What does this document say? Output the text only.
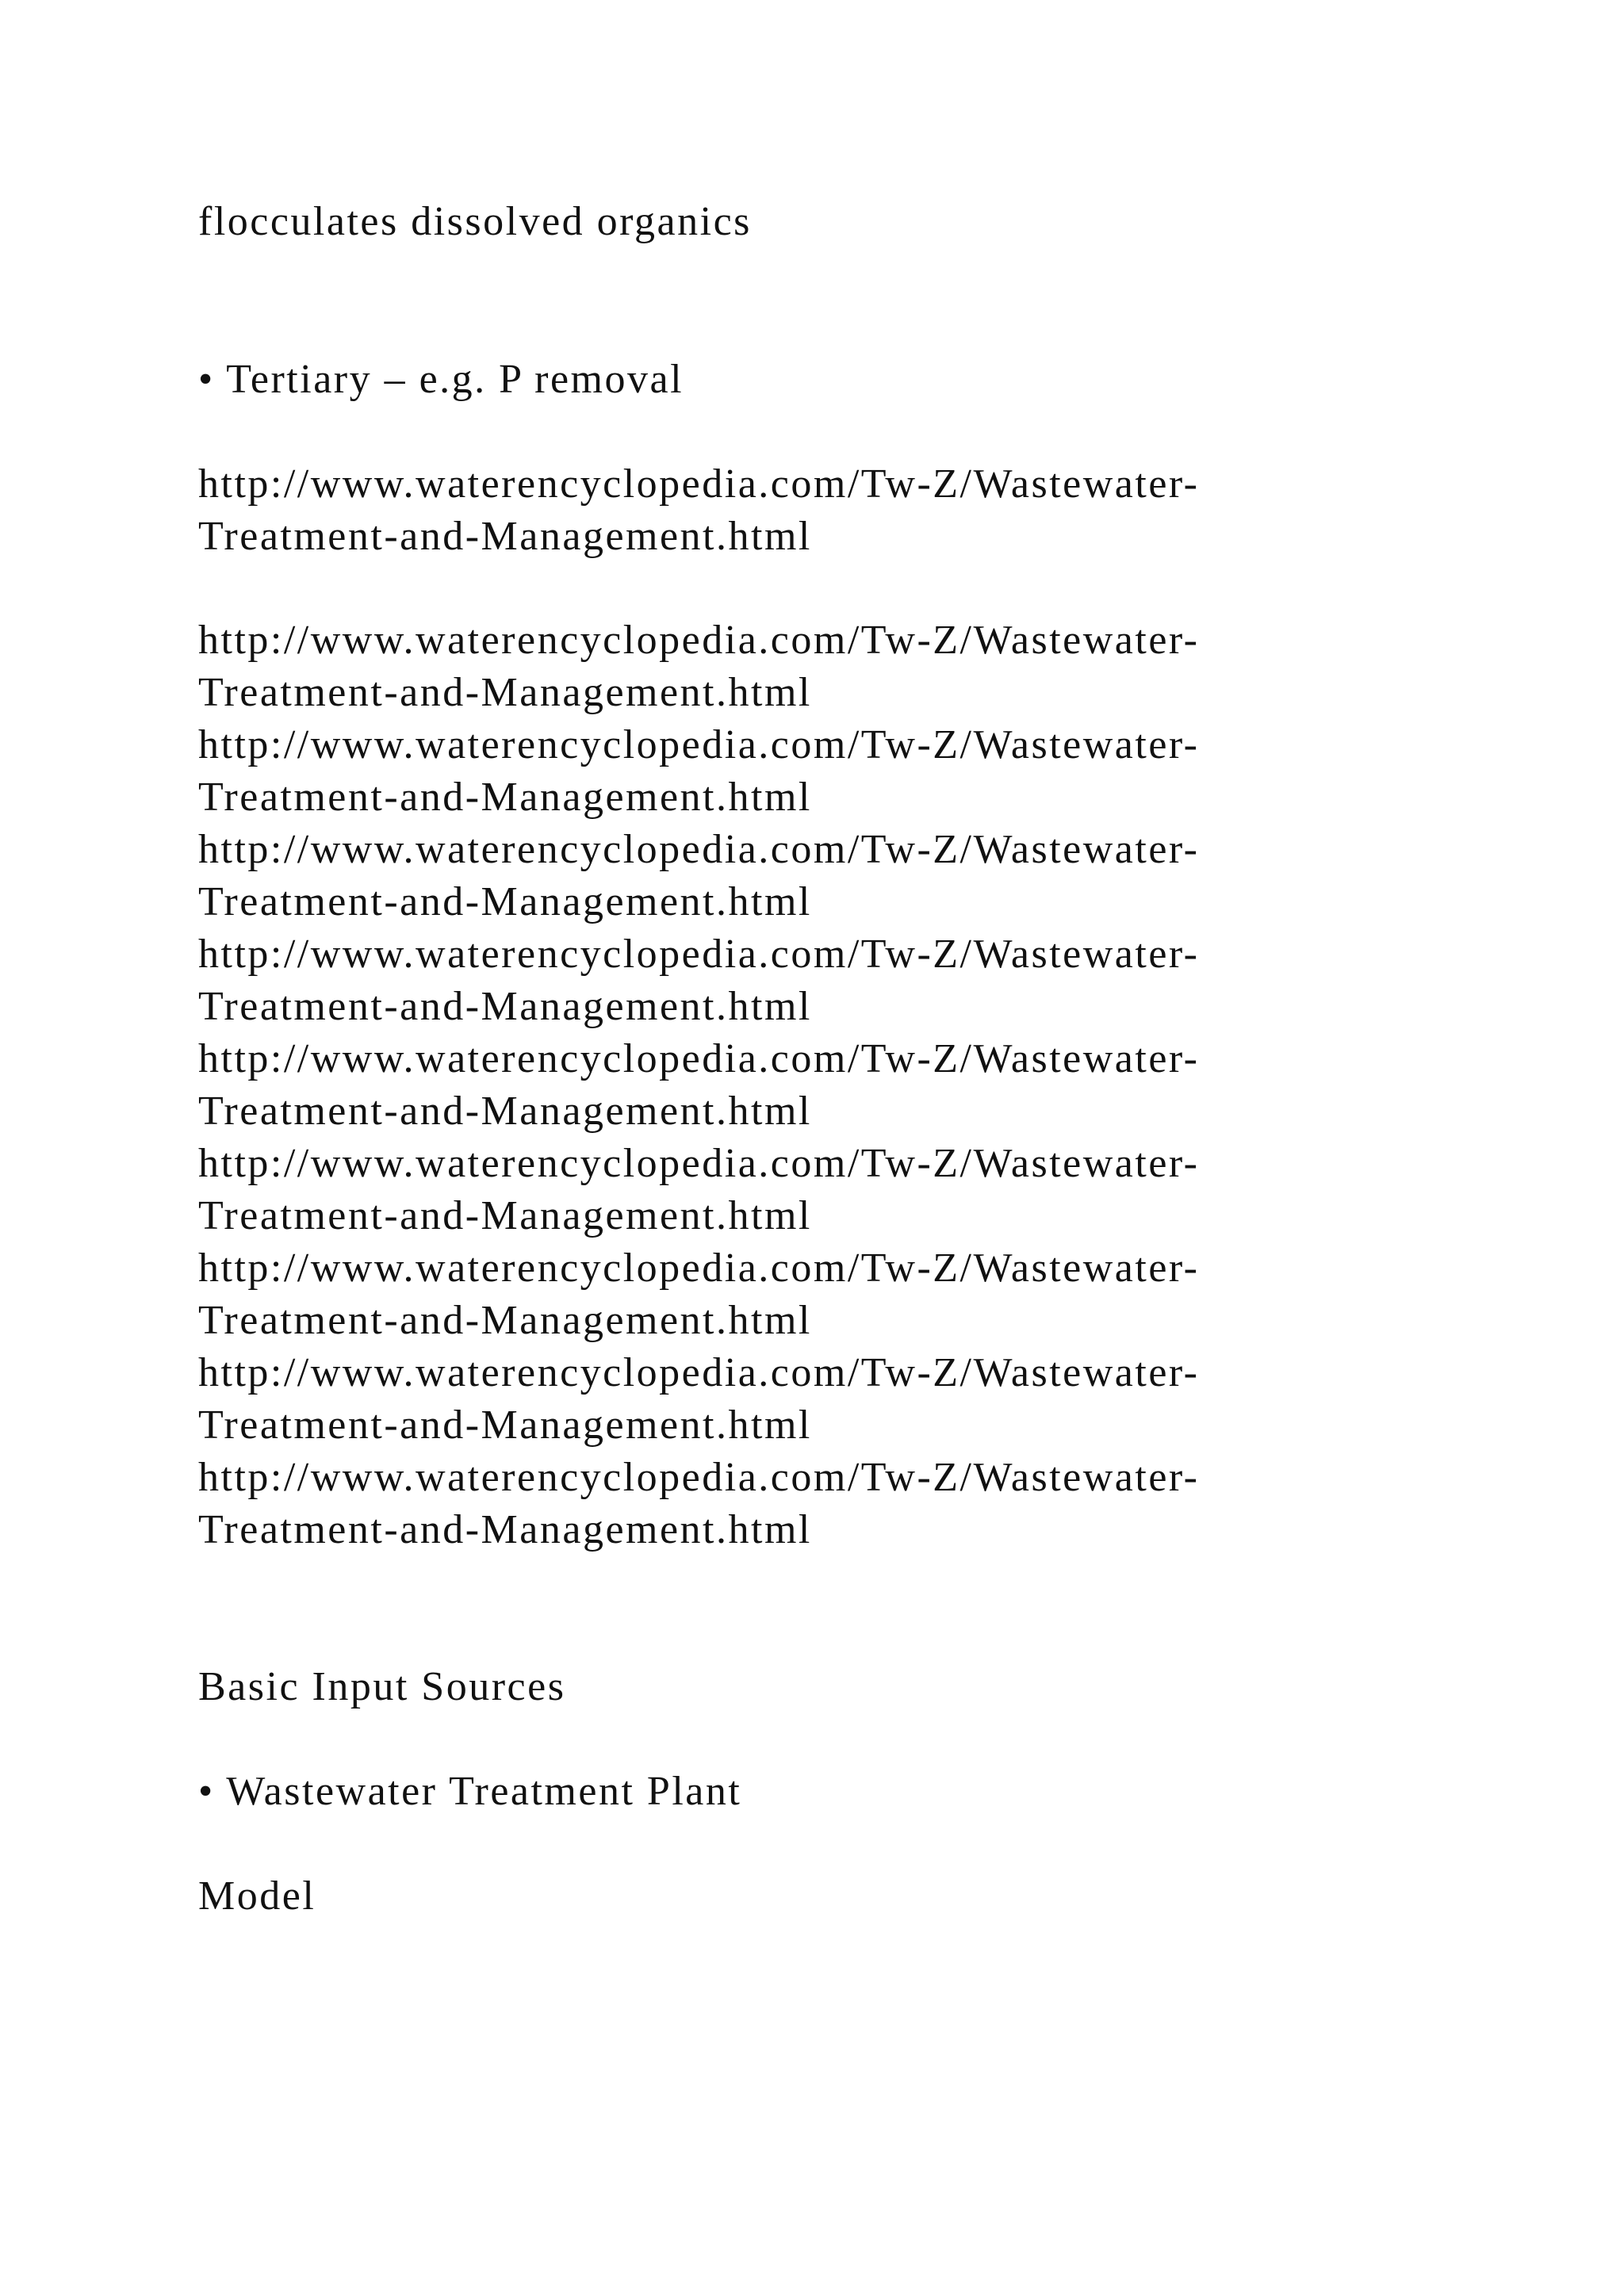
flocculates dissolved organics
• Tertiary – e.g. P removal
http://www.waterencyclopedia.com/Tw-Z/Wastewater-
Treatment-and-Management.html
http://www.waterencyclopedia.com/Tw-Z/Wastewater-
Treatment-and-Management.html
http://www.waterencyclopedia.com/Tw-Z/Wastewater-
Treatment-and-Management.html
http://www.waterencyclopedia.com/Tw-Z/Wastewater-
Treatment-and-Management.html
http://www.waterencyclopedia.com/Tw-Z/Wastewater-
Treatment-and-Management.html
http://www.waterencyclopedia.com/Tw-Z/Wastewater-
Treatment-and-Management.html
http://www.waterencyclopedia.com/Tw-Z/Wastewater-
Treatment-and-Management.html
http://www.waterencyclopedia.com/Tw-Z/Wastewater-
Treatment-and-Management.html
http://www.waterencyclopedia.com/Tw-Z/Wastewater-
Treatment-and-Management.html
http://www.waterencyclopedia.com/Tw-Z/Wastewater-
Treatment-and-Management.html
Basic Input Sources
• Wastewater Treatment Plant
Model
